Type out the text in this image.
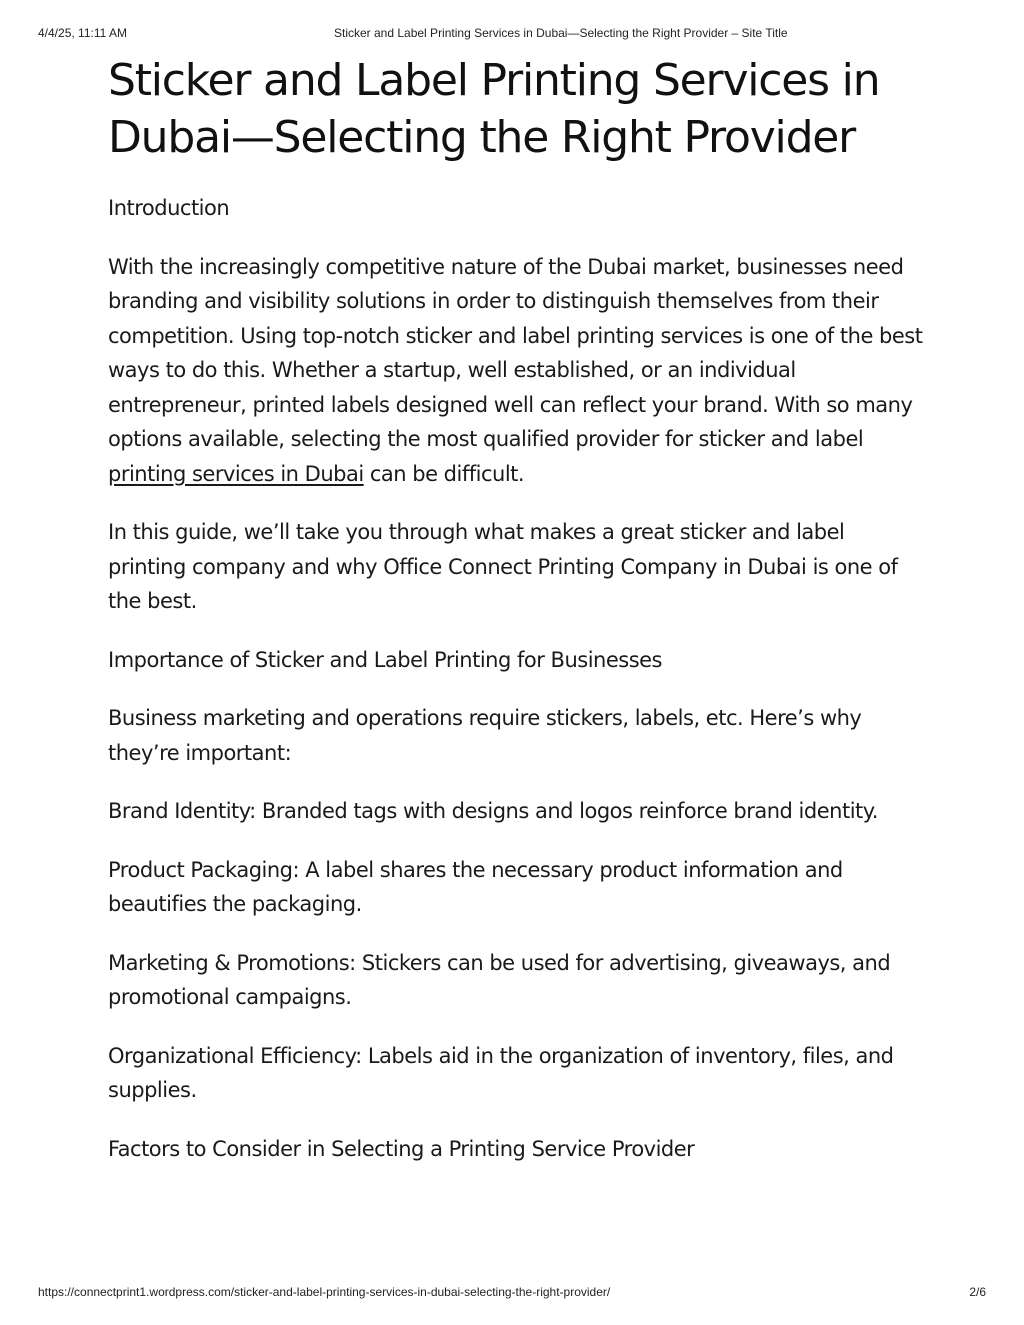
4/4/25, 11:11 AM	Sticker and Label Printing Services in Dubai—Selecting the Right Provider – Site Title
Sticker and Label Printing Services in Dubai—Selecting the Right Provider

Introduction

With the increasingly competitive nature of the Dubai market, businesses need branding and visibility solutions in order to distinguish themselves from their competition. Using top-notch sticker and label printing services is one of the best ways to do this. Whether a startup, well established, or an individual entrepreneur, printed labels designed well can reflect your brand. With so many options available, selecting the most qualified provider for sticker and label printing services in Dubai can be difficult.

In this guide, we’ll take you through what makes a great sticker and label printing company and why Office Connect Printing Company in Dubai is one of the best.

Importance of Sticker and Label Printing for Businesses

Business marketing and operations require stickers, labels, etc. Here’s why they’re important:

Brand Identity: Branded tags with designs and logos reinforce brand identity.

Product Packaging: A label shares the necessary product information and beautifies the packaging.

Marketing & Promotions: Stickers can be used for advertising, giveaways, and promotional campaigns.

Organizational Efficiency: Labels aid in the organization of inventory, files, and supplies.

Factors to Consider in Selecting a Printing Service Provider

https://connectprint1.wordpress.com/sticker-and-label-printing-services-in-dubai-selecting-the-right-provider/	2/6
